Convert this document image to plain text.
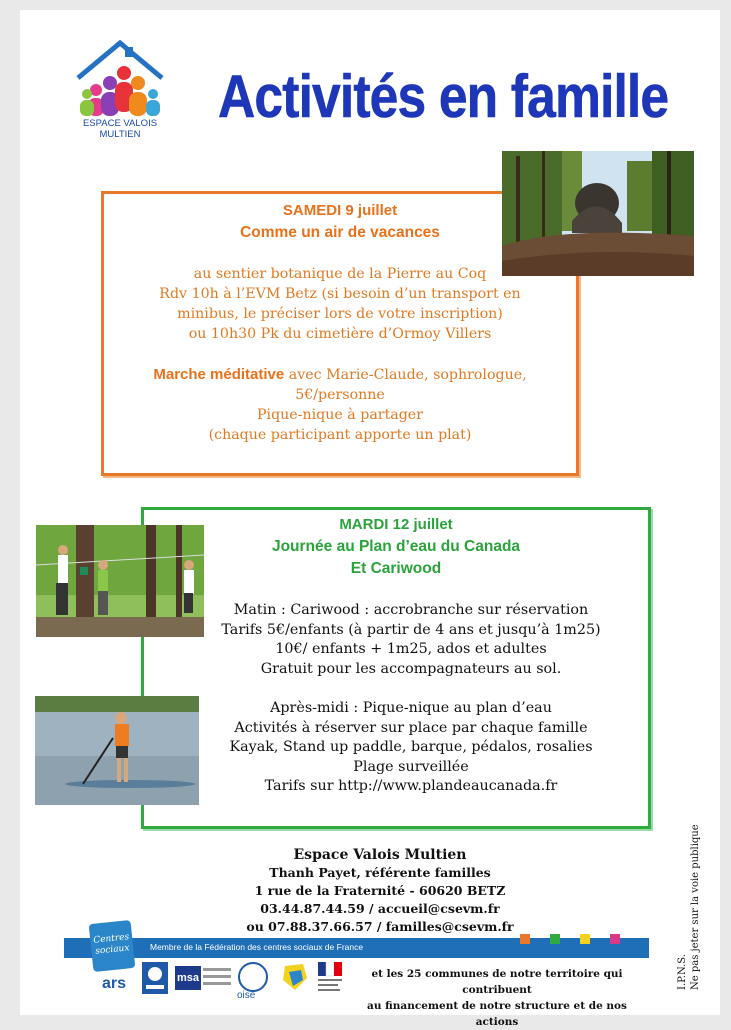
ESPACE VALOIS
MULTIEN
Activités en famille
SAMEDI 9 juillet
Comme un air de vacances
au sentier botanique de la Pierre au Coq
Rdv 10h à l’EVM Betz (si besoin d’un transport en
minibus, le préciser lors de votre inscription)
ou 10h30 Pk du cimetière d’Ormoy Villers
Marche méditative avec Marie-Claude, sophrologue,
5€/personne
Pique-nique à partager
(chaque participant apporte un plat)
MARDI 12 juillet
Journée au Plan d’eau du Canada
Et Cariwood
Matin : Cariwood : accrobranche sur réservation
Tarifs 5€/enfants (à partir de 4 ans et jusqu’à 1m25)
10€/ enfants + 1m25, ados et adultes
Gratuit pour les accompagnateurs au sol.
Après-midi : Pique-nique au plan d’eau
Activités à réserver sur place par chaque famille
Kayak, Stand up paddle, barque, pédalos, rosalies
Plage surveillée
Tarifs sur http://www.plandeaucanada.fr
Espace Valois Multien
Thanh Payet, référente familles
1 rue de la Fraternité - 60620 BETZ
03.44.87.44.59 / accueil@csevm.fr
ou 07.88.37.66.57 / familles@csevm.fr
Membre de la Fédération des centres sociaux de France
Centres sociaux
ars	msa
oise
et les 25 communes de notre territoire qui contribuent
au financement de notre structure et de nos actions
I.P.N.S. Ne pas jeter sur la voie publique
